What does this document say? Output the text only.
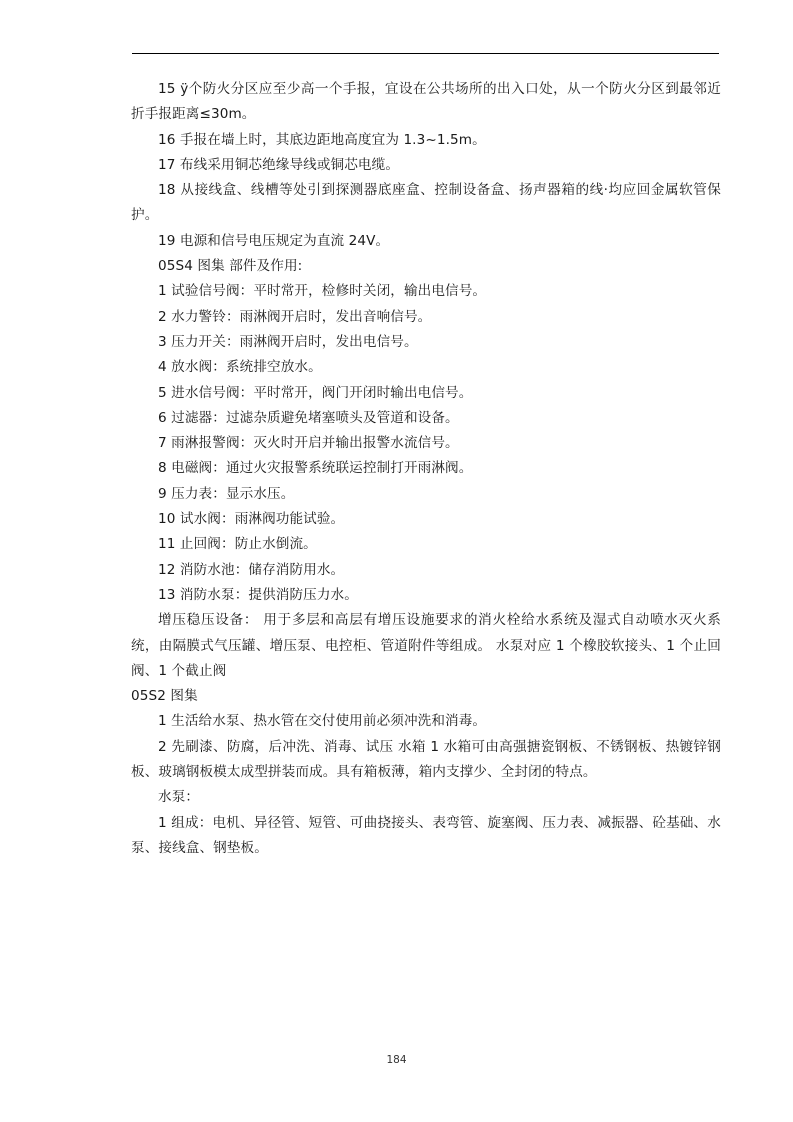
15 ÿ个防火分区应至少高一个手报，宜设在公共场所的出入口处，从一个防火分区到最邻近折手报距离≤30m。

16 手报在墙上时，其底边距地高度宜为 1.3~1.5m。

17 布线采用铜芯绝缘导线或铜芯电缆。

18 从接线盒、线槽等处引到探测器底座盒、控制设备盒、扬声器箱的线·均应回金属软管保护。

19 电源和信号电压规定为直流 24V。

05S4 图集 部件及作用:

1 试验信号阀：平时常开，检修时关闭，输出电信号。

2 水力警铃：雨淋阀开启时，发出音响信号。

3 压力开关：雨淋阀开启时，发出电信号。

4 放水阀：系统排空放水。

5 进水信号阀：平时常开，阀门开闭时输出电信号。

6 过滤器：过滤杂质避免堵塞喷头及管道和设备。

7 雨淋报警阀：灭火时开启并输出报警水流信号。

8 电磁阀：通过火灾报警系统联运控制打开雨淋阀。

9 压力表：显示水压。

10 试水阀：雨淋阀功能试验。

11 止回阀：防止水倒流。

12 消防水池：储存消防用水。

13 消防水泵：提供消防压力水。

增压稳压设备： 用于多层和高层有增压设施要求的消火栓给水系统及湿式自动喷水灭火系统，由隔膜式气压罐、增压泵、电控柜、管道附件等组成。 水泵对应 1 个橡胶软接头、1 个止回阀、1 个截止阀

05S2 图集

1 生活给水泵、热水管在交付使用前必须冲洗和消毒。

2 先刷漆、防腐，后冲洗、消毒、试压 水箱 1 水箱可由高强搪瓷钢板、不锈钢板、热镀锌钢板、玻璃钢板模太成型拼装而成。具有箱板薄，箱内支撑少、全封闭的特点。

水泵：

1 组成：电机、异径管、短管、可曲挠接头、表弯管、旋塞阀、压力表、减振器、砼基础、水泵、接线盒、钢垫板。

184
